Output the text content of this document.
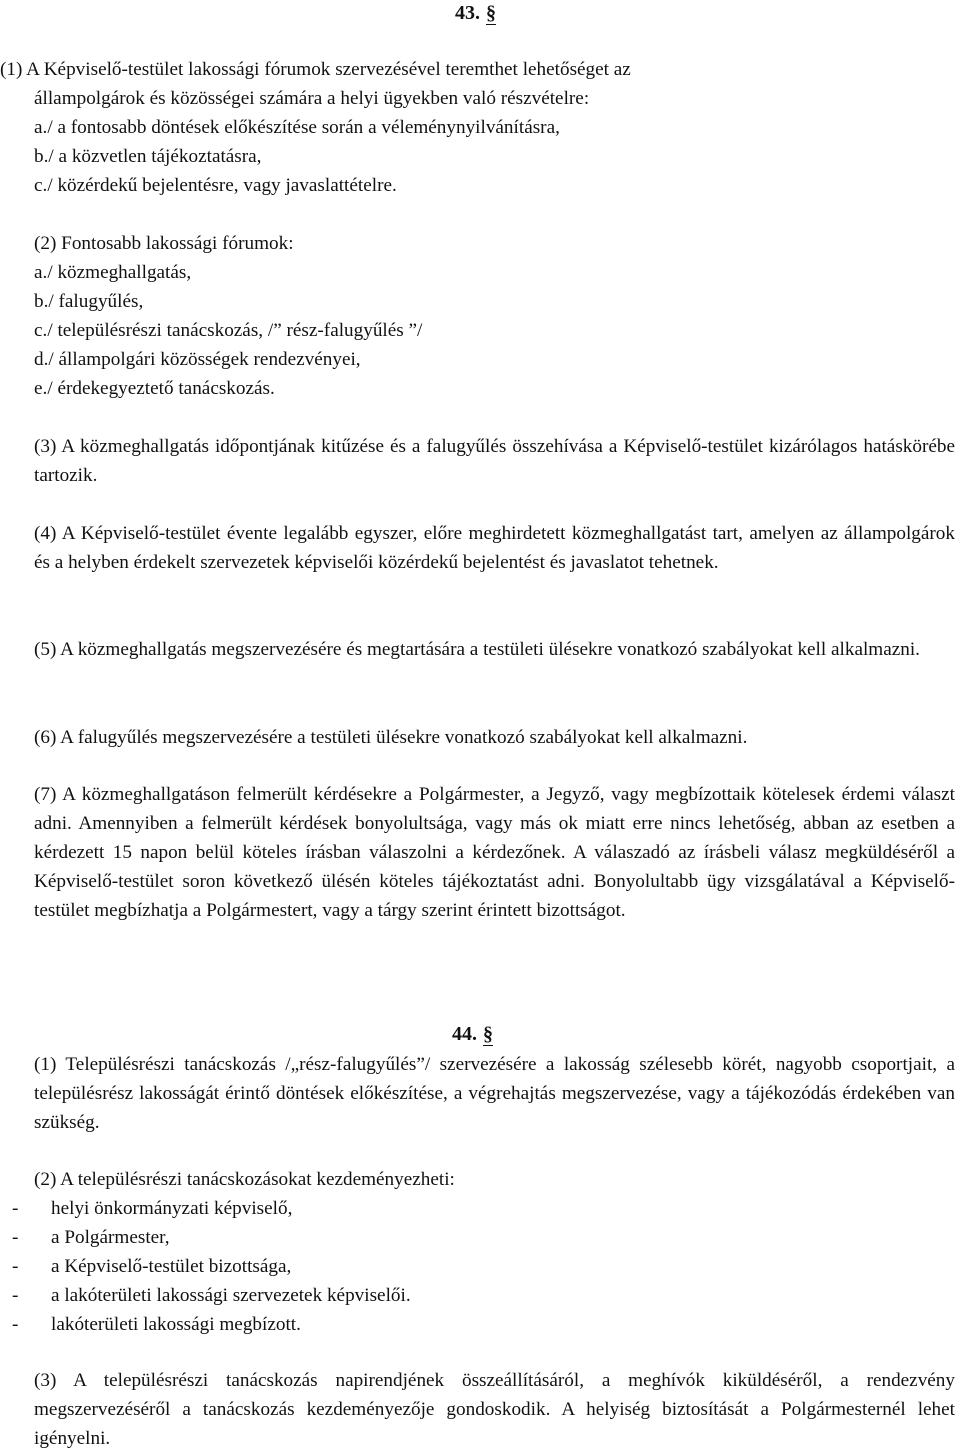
43. §
(1) A Képviselő-testület lakossági fórumok szervezésével teremthet lehetőséget az
állampolgárok és közösségei számára a helyi ügyekben való részvételre:
a./ a fontosabb döntések előkészítése során a véleménynyilvánításra,
b./ a közvetlen tájékoztatásra,
c./ közérdekű bejelentésre, vagy javaslattételre.
(2) Fontosabb lakossági fórumok:
a./ közmeghallgatás,
b./ falugyűlés,
c./ településrészi tanácskozás, /” rész-falugyűlés ”/
d./ állampolgári közösségek rendezvényei,
e./ érdekegyeztető tanácskozás.
(3) A közmeghallgatás időpontjának kitűzése és a falugyűlés összehívása a Képviselő-testület kizárólagos hatáskörébe tartozik.
(4) A Képviselő-testület évente legalább egyszer, előre meghirdetett közmeghallgatást tart, amelyen az állampolgárok és a helyben érdekelt szervezetek képviselői közérdekű bejelentést és javaslatot tehetnek.
(5) A közmeghallgatás megszervezésére és megtartására a testületi ülésekre vonatkozó szabályokat kell alkalmazni.
(6) A falugyűlés megszervezésére a testületi ülésekre vonatkozó szabályokat kell alkalmazni.
(7) A közmeghallgatáson felmerült kérdésekre a Polgármester, a Jegyző, vagy megbízottaik kötelesek érdemi választ adni. Amennyiben a felmerült kérdések bonyolultsága, vagy más ok miatt erre nincs lehetőség, abban az esetben a kérdezett 15 napon belül köteles írásban válaszolni a kérdezőnek. A válaszadó az írásbeli válasz megküldéséről a Képviselő-testület soron következő ülésén köteles tájékoztatást adni. Bonyolultabb ügy vizsgálatával a Képviselő-testület megbízhatja a Polgármestert, vagy a tárgy szerint érintett bizottságot.
44. §
(1) Településrészi tanácskozás /„rész-falugyűlés”/ szervezésére a lakosság szélesebb körét, nagyobb csoportjait, a településrész lakosságát érintő döntések előkészítése, a végrehajtás megszervezése, vagy a tájékozódás érdekében van szükség.
(2) A településrészi tanácskozásokat kezdeményezheti:
- helyi önkormányzati képviselő,
- a Polgármester,
- a Képviselő-testület bizottsága,
- a lakóterületi lakossági szervezetek képviselői.
- lakóterületi lakossági megbízott.
(3) A településrészi tanácskozás napirendjének összeállításáról, a meghívók kiküldéséről, a rendezvény megszervezéséről a tanácskozás kezdeményezője gondoskodik. A helyiség biztosítását a Polgármesternél lehet igényelni.
